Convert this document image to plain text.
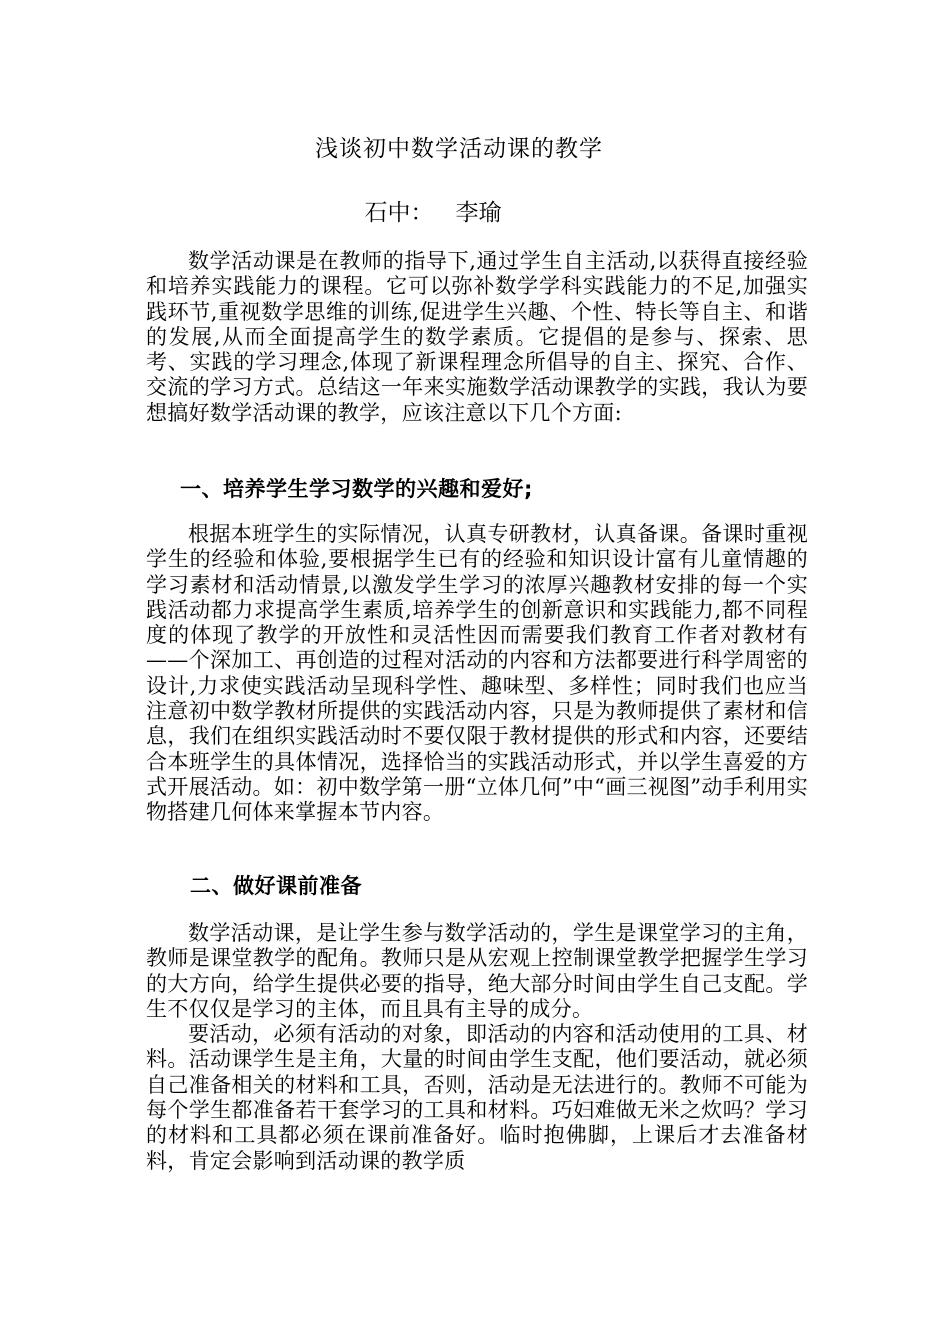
浅谈初中数学活动课的教学
石中： 李瑜

数学活动课是在教师的指导下,通过学生自主活动,以获得直接经验和培养实践能力的课程。它可以弥补数学学科实践能力的不足,加强实践环节,重视数学思维的训练,促进学生兴趣、个性、特长等自主、和谐的发展,从而全面提高学生的数学素质。它提倡的是参与、探索、思考、实践的学习理念,体现了新课程理念所倡导的自主、探究、合作、交流的学习方式。总结这一年来实施数学活动课教学的实践，我认为要想搞好数学活动课的教学，应该注意以下几个方面:

一、培养学生学习数学的兴趣和爱好;

根据本班学生的实际情况，认真专研教材，认真备课。备课时重视学生的经验和体验,要根据学生已有的经验和知识设计富有儿童情趣的学习素材和活动情景,以激发学生学习的浓厚兴趣教材安排的每一个实践活动都力求提高学生素质,培养学生的创新意识和实践能力,都不同程度的体现了教学的开放性和灵活性因而需要我们教育工作者对教材有——个深加工、再创造的过程对活动的内容和方法都要进行科学周密的设计,力求使实践活动呈现科学性、趣味型、多样性；同时我们也应当注意初中数学教材所提供的实践活动内容，只是为教师提供了素材和信息，我们在组织实践活动时不要仅限于教材提供的形式和内容，还要结合本班学生的具体情况，选择恰当的实践活动形式，并以学生喜爱的方式开展活动。如：初中数学第一册“立体几何”中“画三视图”动手利用实物搭建几何体来掌握本节内容。

二、做好课前准备

数学活动课，是让学生参与数学活动的，学生是课堂学习的主角，教师是课堂教学的配角。教师只是从宏观上控制课堂教学把握学生学习的大方向，给学生提供必要的指导，绝大部分时间由学生自己支配。学生不仅仅是学习的主体，而且具有主导的成分。

要活动，必须有活动的对象，即活动的内容和活动使用的工具、材料。活动课学生是主角，大量的时间由学生支配，他们要活动，就必须自己准备相关的材料和工具，否则，活动是无法进行的。教师不可能为每个学生都准备若干套学习的工具和材料。巧妇难做无米之炊吗？学习的材料和工具都必须在课前准备好。临时抱佛脚，上课后才去准备材料，肯定会影响到活动课的教学质
